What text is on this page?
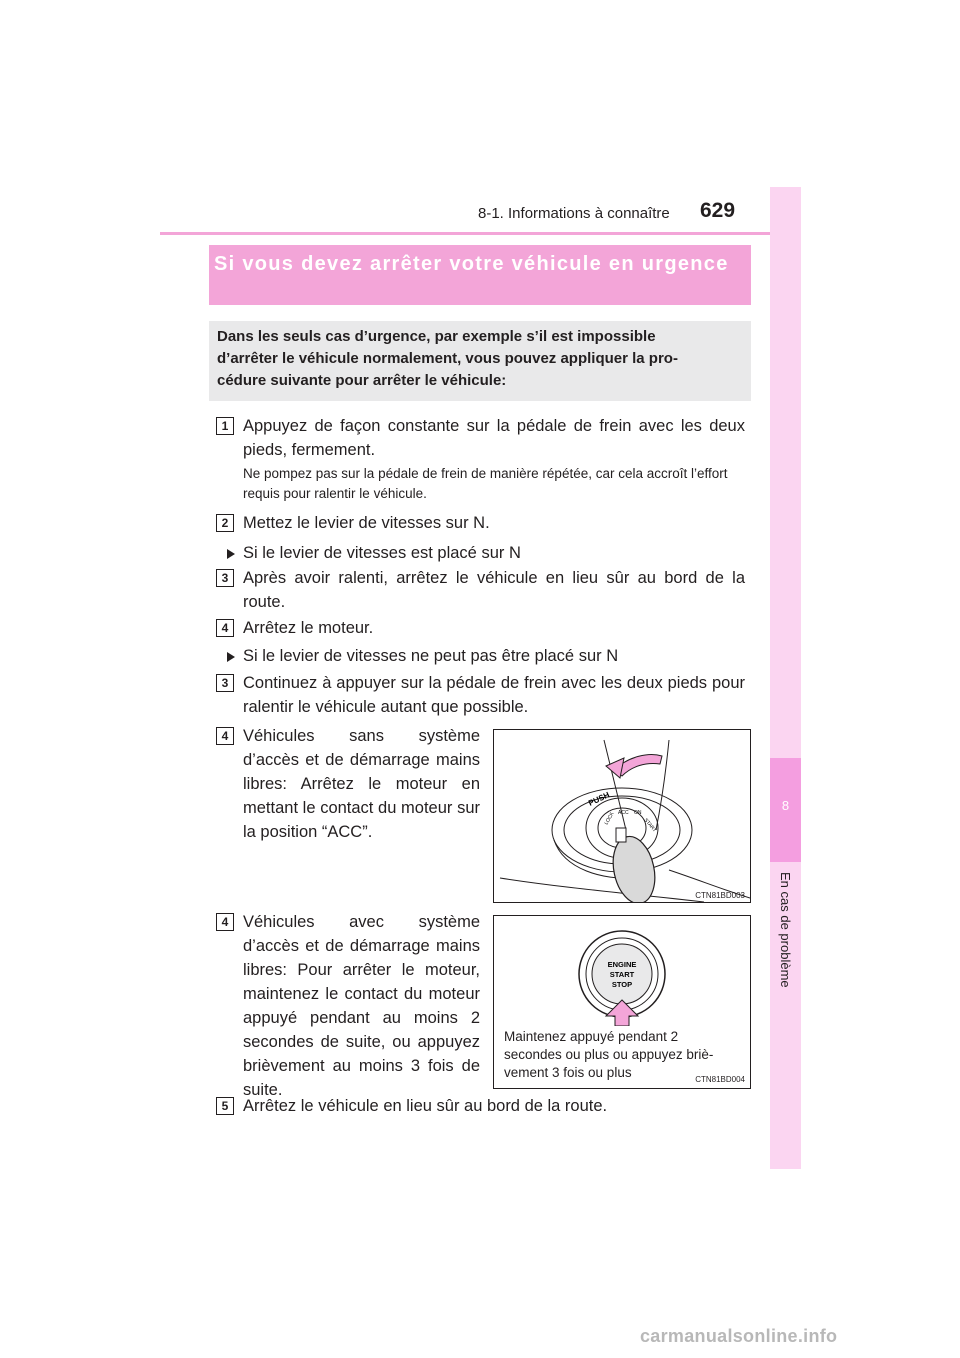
8-1. Informations à connaître 629
8
En cas de problème
Si vous devez arrêter votre véhicule en urgence
Dans les seuls cas d’urgence, par exemple s’il est impossible
d’arrêter le véhicule normalement, vous pouvez appliquer la pro-
cédure suivante pour arrêter le véhicule:
1 Appuyez de façon constante sur la pédale de frein avec les deux pieds, fermement.
Ne pompez pas sur la pédale de frein de manière répétée, car cela accroît l’effort requis pour ralentir le véhicule.
2 Mettez le levier de vitesses sur N.
Si le levier de vitesses est placé sur N
3 Après avoir ralenti, arrêtez le véhicule en lieu sûr au bord de la route.
4 Arrêtez le moteur.
Si le levier de vitesses ne peut pas être placé sur N
3 Continuez à appuyer sur la pédale de frein avec les deux pieds pour ralentir le véhicule autant que possible.
4 Véhicules sans système d’accès et de démarrage mains libres: Arrêtez le moteur en mettant le contact du moteur sur la position “ACC”.
PUSH
LOCK ACC ON
START
CTN81BD003
4 Véhicules avec système d’accès et de démarrage mains libres: Pour arrêter le moteur, maintenez le contact du moteur appuyé pendant au moins 2 secondes de suite, ou appuyez brièvement au moins 3 fois de suite.
ENGINE
START
STOP
Maintenez appuyé pendant 2
secondes ou plus ou appuyez briè-
vement 3 fois ou plus	CTN81BD004
5 Arrêtez le véhicule en lieu sûr au bord de la route.
carmanualsonline.info
